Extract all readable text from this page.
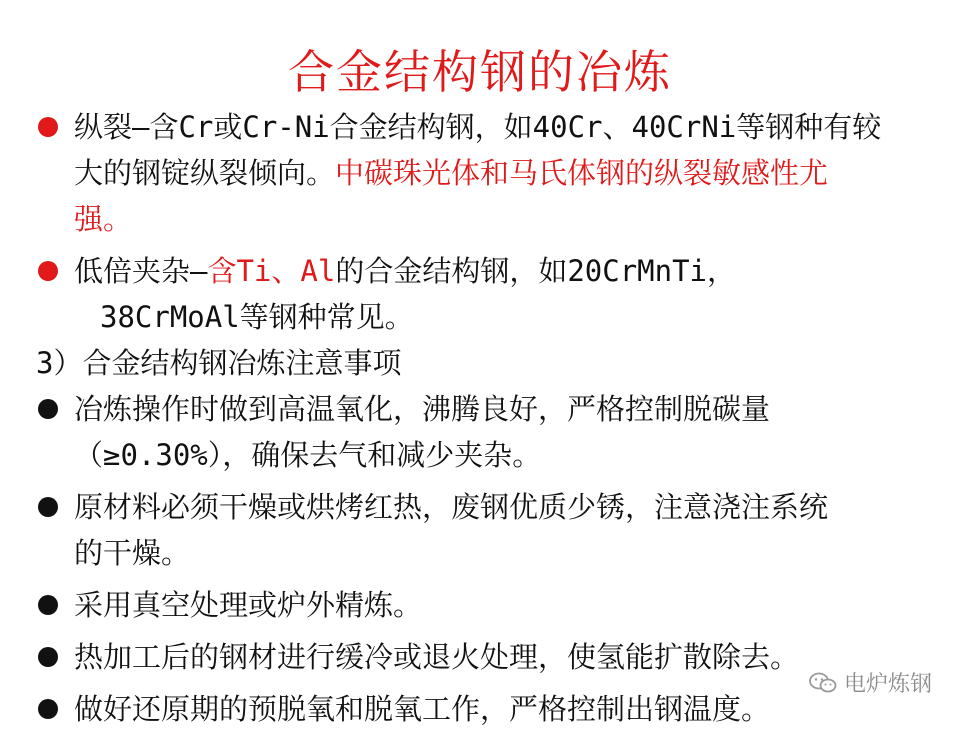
合金结构钢的冶炼
纵裂—含Cr或Cr-Ni合金结构钢，如40Cr、40CrNi等钢种有较
大的钢锭纵裂倾向。中碳珠光体和马氏体钢的纵裂敏感性尤
强。
低倍夹杂—含Ti、Al的合金结构钢，如20CrMnTi，
38CrMoAl等钢种常见。
3）合金结构钢冶炼注意事项
冶炼操作时做到高温氧化，沸腾良好，严格控制脱碳量
（≥0.30%），确保去气和减少夹杂。
原材料必须干燥或烘烤红热，废钢优质少锈，注意浇注系统
的干燥。
采用真空处理或炉外精炼。
热加工后的钢材进行缓冷或退火处理，使氢能扩散除去。
做好还原期的预脱氧和脱氧工作，严格控制出钢温度。
电炉炼钢
